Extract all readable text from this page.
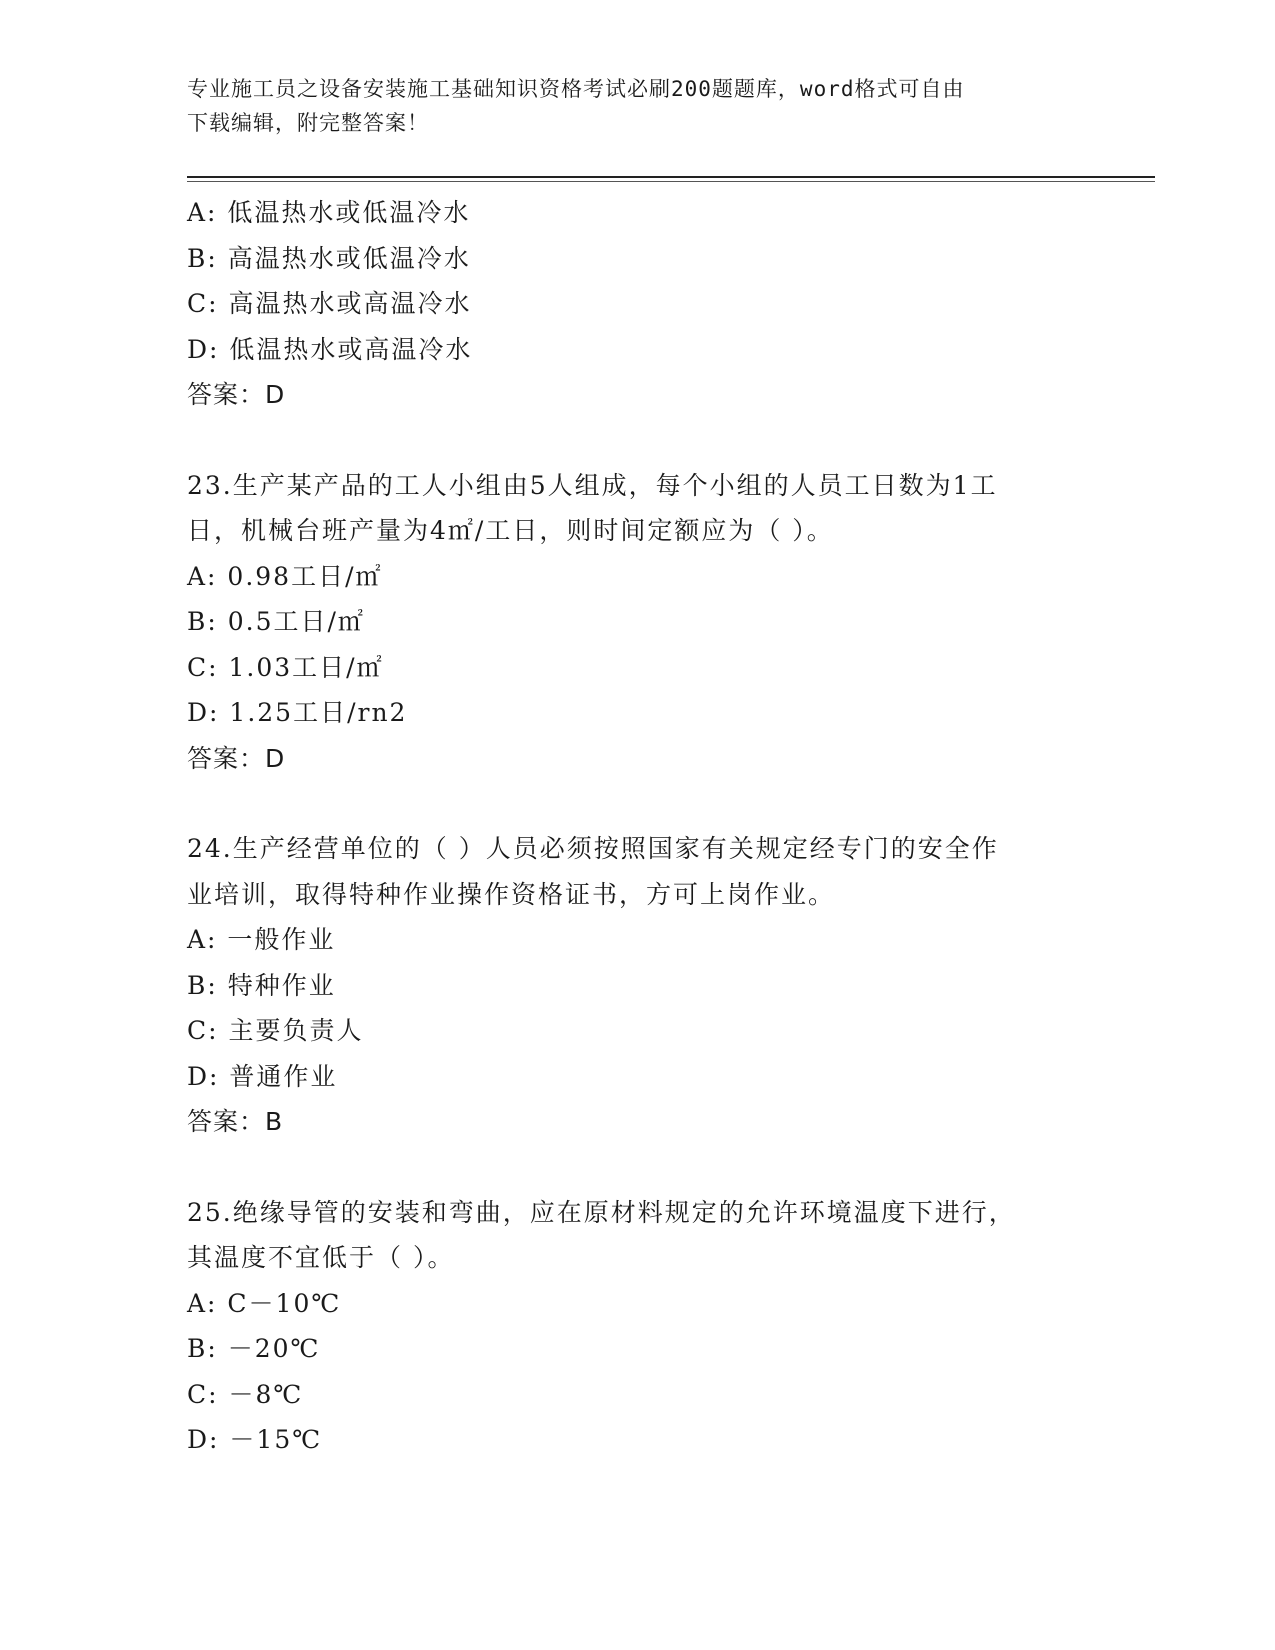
专业施工员之设备安装施工基础知识资格考试必刷200题题库，word格式可自由
下载编辑，附完整答案！
A: 低温热水或低温冷水
B: 高温热水或低温冷水
C: 高温热水或高温冷水
D: 低温热水或高温冷水
答案：D
23.生产某产品的工人小组由5人组成，每个小组的人员工日数为1工
日，机械台班产量为4㎡/工日，则时间定额应为（ ）。
A: 0.98工日/㎡
B: 0.5工日/㎡
C: 1.03工日/㎡
D: 1.25工日/rn2
答案：D
24.生产经营单位的（ ）人员必须按照国家有关规定经专门的安全作
业培训，取得特种作业操作资格证书，方可上岗作业。
A: 一般作业
B: 特种作业
C: 主要负责人
D: 普通作业
答案：B
25.绝缘导管的安装和弯曲，应在原材料规定的允许环境温度下进行，
其温度不宜低于（ ）。
A: C－10℃
B: －20℃
C: －8℃
D: －15℃
